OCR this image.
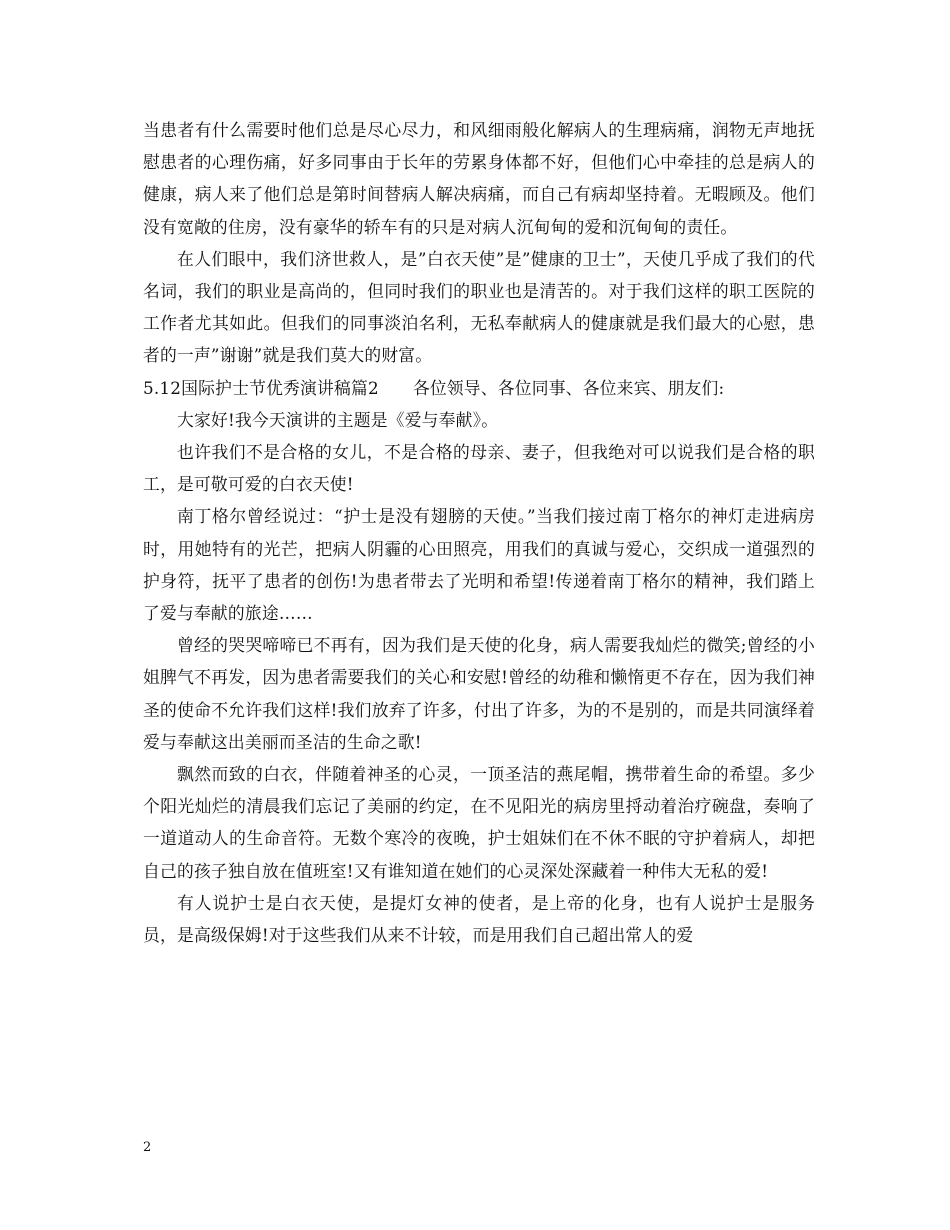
当患者有什么需要时他们总是尽心尽力，和风细雨般化解病人的生理病痛，润物无声地抚慰患者的心理伤痛，好多同事由于长年的劳累身体都不好，但他们心中牵挂的总是病人的健康，病人来了他们总是第时间替病人解决病痛，而自己有病却坚持着。无暇顾及。他们没有宽敞的住房，没有豪华的轿车有的只是对病人沉甸甸的爱和沉甸甸的责任。

在人们眼中，我们济世救人，是”白衣天使”是”健康的卫士”，天使几乎成了我们的代名词，我们的职业是高尚的，但同时我们的职业也是清苦的。对于我们这样的职工医院的工作者尤其如此。但我们的同事淡泊名利，无私奉献病人的健康就是我们最大的心慰，患者的一声”谢谢”就是我们莫大的财富。

5.12国际护士节优秀演讲稿篇2 各位领导、各位同事、各位来宾、朋友们:

大家好!我今天演讲的主题是《爱与奉献》。

也许我们不是合格的女儿，不是合格的母亲、妻子，但我绝对可以说我们是合格的职工，是可敬可爱的白衣天使!

南丁格尔曾经说过：“护士是没有翅膀的天使。”当我们接过南丁格尔的神灯走进病房时，用她特有的光芒，把病人阴霾的心田照亮，用我们的真诚与爱心，交织成一道强烈的护身符，抚平了患者的创伤!为患者带去了光明和希望!传递着南丁格尔的精神，我们踏上了爱与奉献的旅途……

曾经的哭哭啼啼已不再有，因为我们是天使的化身，病人需要我灿烂的微笑;曾经的小姐脾气不再发，因为患者需要我们的关心和安慰!曾经的幼稚和懒惰更不存在，因为我们神圣的使命不允许我们这样!我们放弃了许多，付出了许多，为的不是别的，而是共同演绎着爱与奉献这出美丽而圣洁的生命之歌!

飘然而致的白衣，伴随着神圣的心灵，一顶圣洁的燕尾帽，携带着生命的希望。多少个阳光灿烂的清晨我们忘记了美丽的约定，在不见阳光的病房里捋动着治疗碗盘，奏响了一道道动人的生命音符。无数个寒冷的夜晚，护士姐妹们在不休不眠的守护着病人，却把自己的孩子独自放在值班室!又有谁知道在她们的心灵深处深藏着一种伟大无私的爱!

有人说护士是白衣天使，是提灯女神的使者，是上帝的化身，也有人说护士是服务员，是高级保姆!对于这些我们从来不计较，而是用我们自己超出常人的爱

2
